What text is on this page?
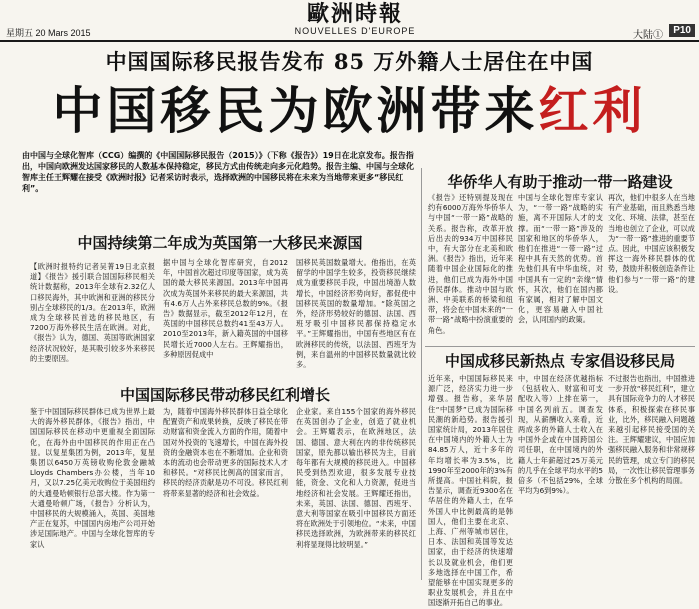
星期五 20 Mars 2015
歐洲時報
NOUVELLES D'EUROPE	大陆①	P10
中国国际移民报告发布 85 万外籍人士居住在中国
中国移民为欧洲带来红利
由中国与全球化智库（CCG）编撰的《中国国际移民报告（2015）》（下称《报告》）19日在北京发布。报告指出，中国向欧洲发达国家移民的人数基本保持稳定，移民方式由传统走向多元化趋势。报告主编、中国与全球化智库主任王辉耀在接受《欧洲时报》记者采访时表示，选择欧洲的中国移民将在未来为当地带来更多“移民红利”。
中国持续第二年成为英国第一大移民来源国
【欧洲时报特约记者吴菁19日北京报道】《报告》援引联合国国际移民相关统计数据称，2013年全球有2.32亿人口移民海外，其中欧洲和亚洲的移民分别占全球移民的1/3。在2013年，欧洲成为全球移民首选的移民地区，有7200万海外移民生活在欧洲。对此，《报告》认为，德国、英国等欧洲国家经济状况较好，是其吸引较多外来移民的主要原因。
据中国与全球化智库研究，自2012年，中国首次超过印度等国家，成为英国的最大移民来源国。2013年中国再次成为英国外来移民的最大来源国，共有4.6万人占外来移民总数的9%。《报告》数据显示，截至2012年12月，在英国的中国移民总数约41至43万人。2010至2013年，新入籍英国的中国移民增长近7000人左右。王辉耀指出，多种原因促成中
国移民英国数量增大。他指出，在英留学的中国学生较多，投资移民继续成为重要移民手段，中国出境游人数增长，中国经济形势向好，都促使中国移民英国的数量增加。“除英国之外，经济形势较好的德国、法国、西班牙吸引中国移民都保持稳定水平。”王辉耀指出，中国有些地区有在欧洲移民的传统，以法国、西班牙为例，来自温州的中国移民数量就比较多。
中国国际移民带动移民红利增长
鉴于中国国际移民群体已成为世界上最大的海外移民群体，《报告》指出，中国国际移民在移动中更重视全面国际化，在海外由中国移民的作用正在凸显。以复星集团为例，2013年，复星集团以6450万英镑收购伦敦金融城Lloyds Chambers办公楼，当年10月，又以7.25亿美元收购位于美国纽约的大通曼哈顿银行总部大楼。作为第一大通曼哈顿广场，《报告》分析认为，中国移民的大规模涌入，英国、美国地产正在复苏，中国国内房地产公司开始涉足国际地产。中国与全球化智库的专家认
为，随着中国海外移民群体日益全球化配置资产和成果转换，反映了移民在带动财富和资金流入方面的作用，随着中国对外投资的飞速增长，中国在海外投资的金融资本也在不断增加。企业和资本的流动也会带动更多的国际技术人才和移民。“对移民比例高的国家而言，移民的经济贡献是功不可没。移民红利将带来显著的经济和社会效益。
企业家。来自155个国家的海外移民在英国创办了企业，创造了就业机会。王辉耀表示，在欧洲地区，法国、德国、意大利在内的非传统移民国家，原先都以输出移民为主，目前每年都有大规模的移民进入。中国移民受到热烈欢迎，很多发展专业技能，资金、文化和人力资源，促进当地经济和社会发展。王辉耀还指出，未来，英国、法国、德国、西班牙、意大利等国家在吸引中国移民方面还将在欧洲处于引领地位。“未来，中国移民选择欧洲，为欧洲带来的移民红利将显现得比较明显。”
华侨华人有助于推动一带一路建设
《报告》还特别提及现在约有6000万海外华侨华人与中国“一带一路”战略的关系。报告称，改革开放后出去的934万中国移民中，有大部分在北美和欧洲。《报告》指出，近年来随着中国企业国际化的推进，他们已成为海外中国侨民群体。推动中国与欧洲、中美联系的桥梁和纽带，将会在中国未来的“一带一路”战略中扮演重要的角色。
中国与全球化智库专家认为，“一带一路”战略的实施，离不开国际人才的支撑。而“一带一路”涉及的国家和地区的华侨华人，他们在推进“一带一路”过程中具有天然的优势。首先他们具有中华血统，对中国具有一定的“亲缘”情怀，其次，他们在国内都有家属，相对了解中国文化，更容易融入中国社会，认同国内的政策。
再次，他们中很多人在当地有产业基础，而且熟悉当地文化、环境、法律，甚至在当地也创立了企业，可以成为“一带一路”推进的重要节点。因此，中国应该积极发挥这一海外移民群体的优势，鼓励并积极创造条件让他们参与“一带一路”的建设。
中国成移民新热点 专家倡设移民局
近年来，中国国际移民来源广泛，经济实力进一步增强。报告称，来华居住“中国梦”已成为国际移民潮的新趋势。报告援引国家统计局，2013年居住在中国境内的外籍人士为84.85万人，近十多年的年均增长率为3.5%，比1990年至2000年的3%有所提高。中国社科院，报告显示，调查近9300名在华居住的外籍人士，在华外国人中比例最高的是韩国人，他们主要在北京、上海、广州等城市居住，日本、法国和英国等发达国家，由于经济的快速增长以及就业机会，他们更多地选择在中国工作，希望能够在中国实现更多的职业发展机会，并且在中国逐渐开拓自己的事业。
中，中国在经济优越指标（包括收入、财富和可支配收入等）上排在第一，中国名列前五。调查发现，从薪酬收入来看，近两成多的外籍人士收入在中国外企或在中国跨国公司任职，在中国境内的外籍人士年薪超过25万美元的几乎在全球平均水平的5倍多（不包括29%，全球平均为6到9%）。
不过报告也指出，中国推进一步开放“移民红利”，建立具有国际竞争力的人才移民体系，积极探索在移民事业，比外，移民融入问题越来越引起移民接受国的关注。王辉耀建议，中国应加强移民融入服务和非常规移民的管理，成立专门的移民局，一次性让移民管理事务分散在多个机构的局面。
